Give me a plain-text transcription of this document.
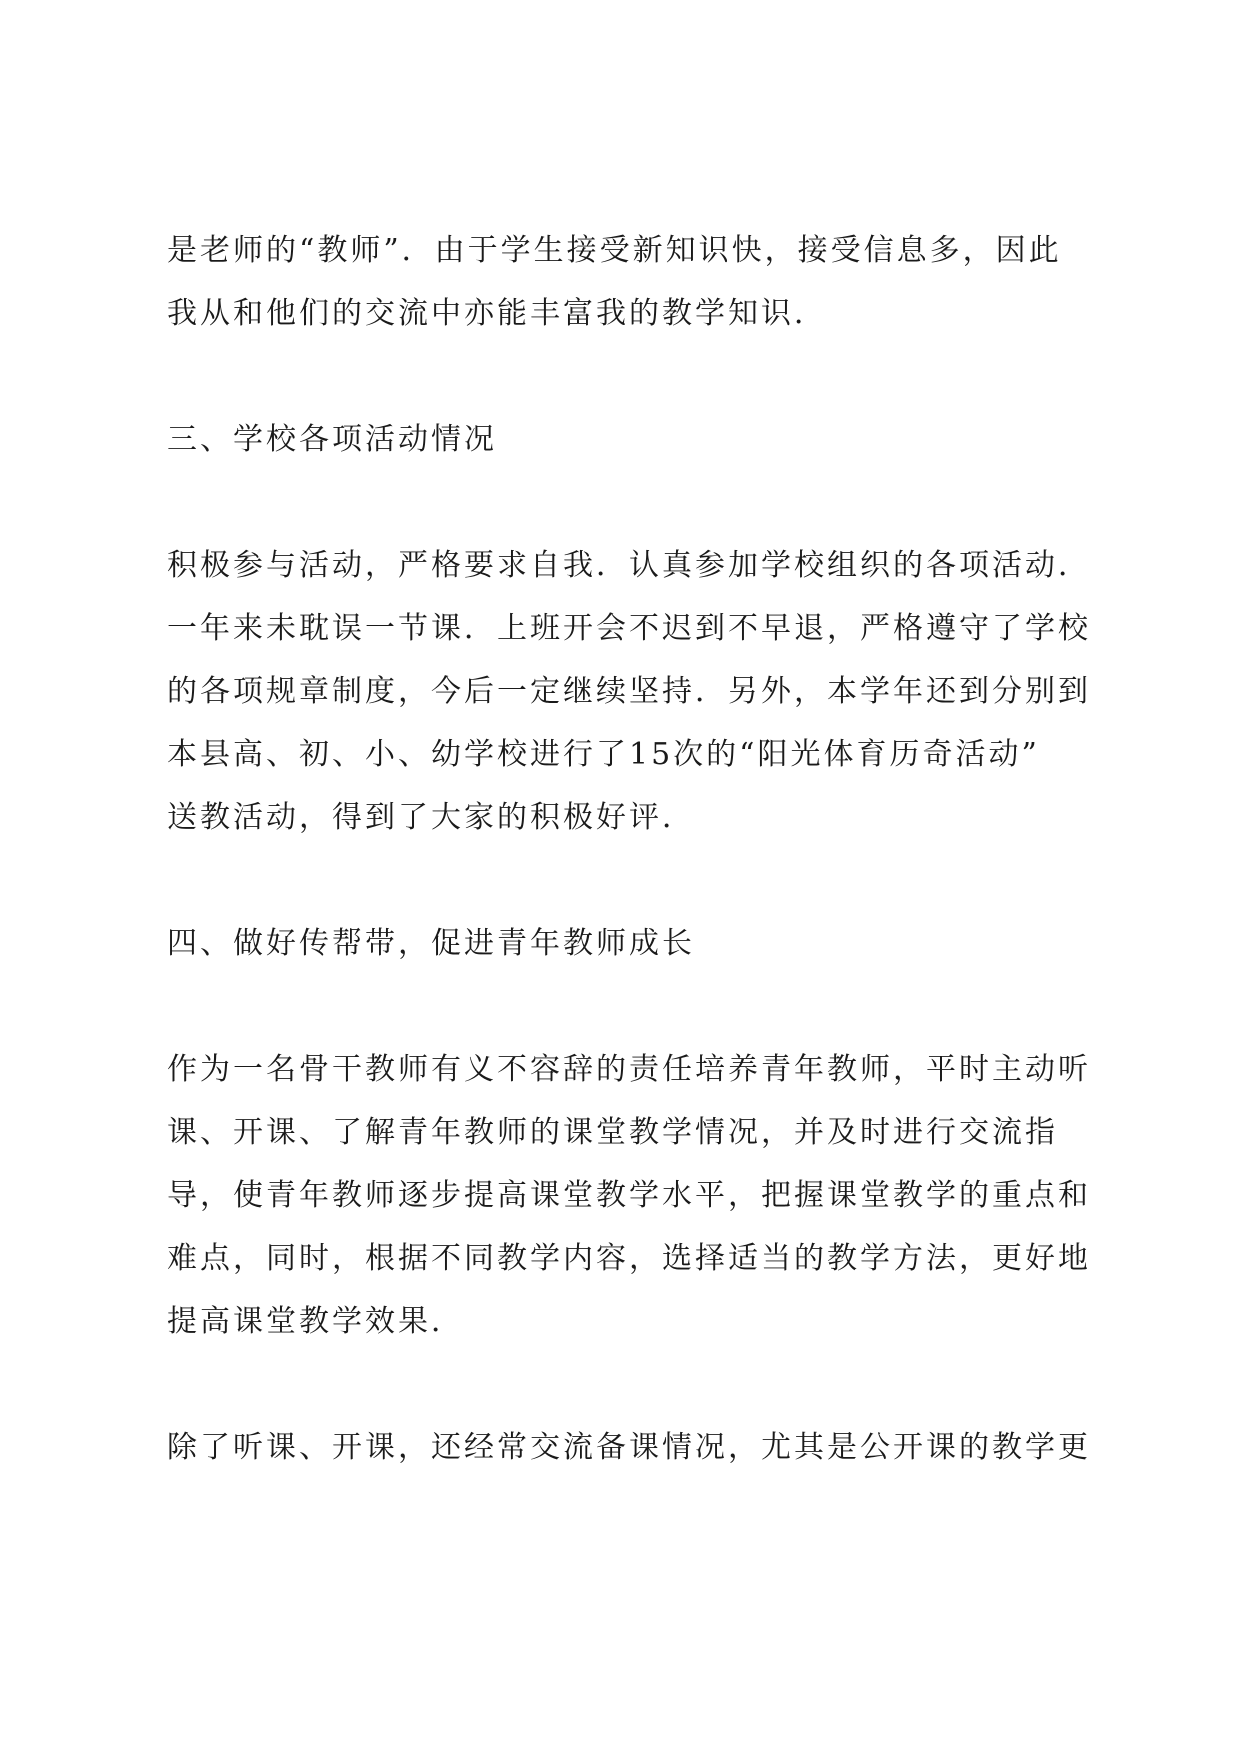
是老师的“教师”．由于学生接受新知识快，接受信息多，因此
我从和他们的交流中亦能丰富我的教学知识．

三、学校各项活动情况

积极参与活动，严格要求自我．认真参加学校组织的各项活动．
一年来未耽误一节课．上班开会不迟到不早退，严格遵守了学校
的各项规章制度，今后一定继续坚持．另外，本学年还到分别到
本县高、初、小、幼学校进行了15次的“阳光体育历奇活动”
送教活动，得到了大家的积极好评．

四、做好传帮带，促进青年教师成长

作为一名骨干教师有义不容辞的责任培养青年教师，平时主动听
课、开课、了解青年教师的课堂教学情况，并及时进行交流指
导，使青年教师逐步提高课堂教学水平，把握课堂教学的重点和
难点，同时，根据不同教学内容，选择适当的教学方法，更好地
提高课堂教学效果．

除了听课、开课，还经常交流备课情况，尤其是公开课的教学更
